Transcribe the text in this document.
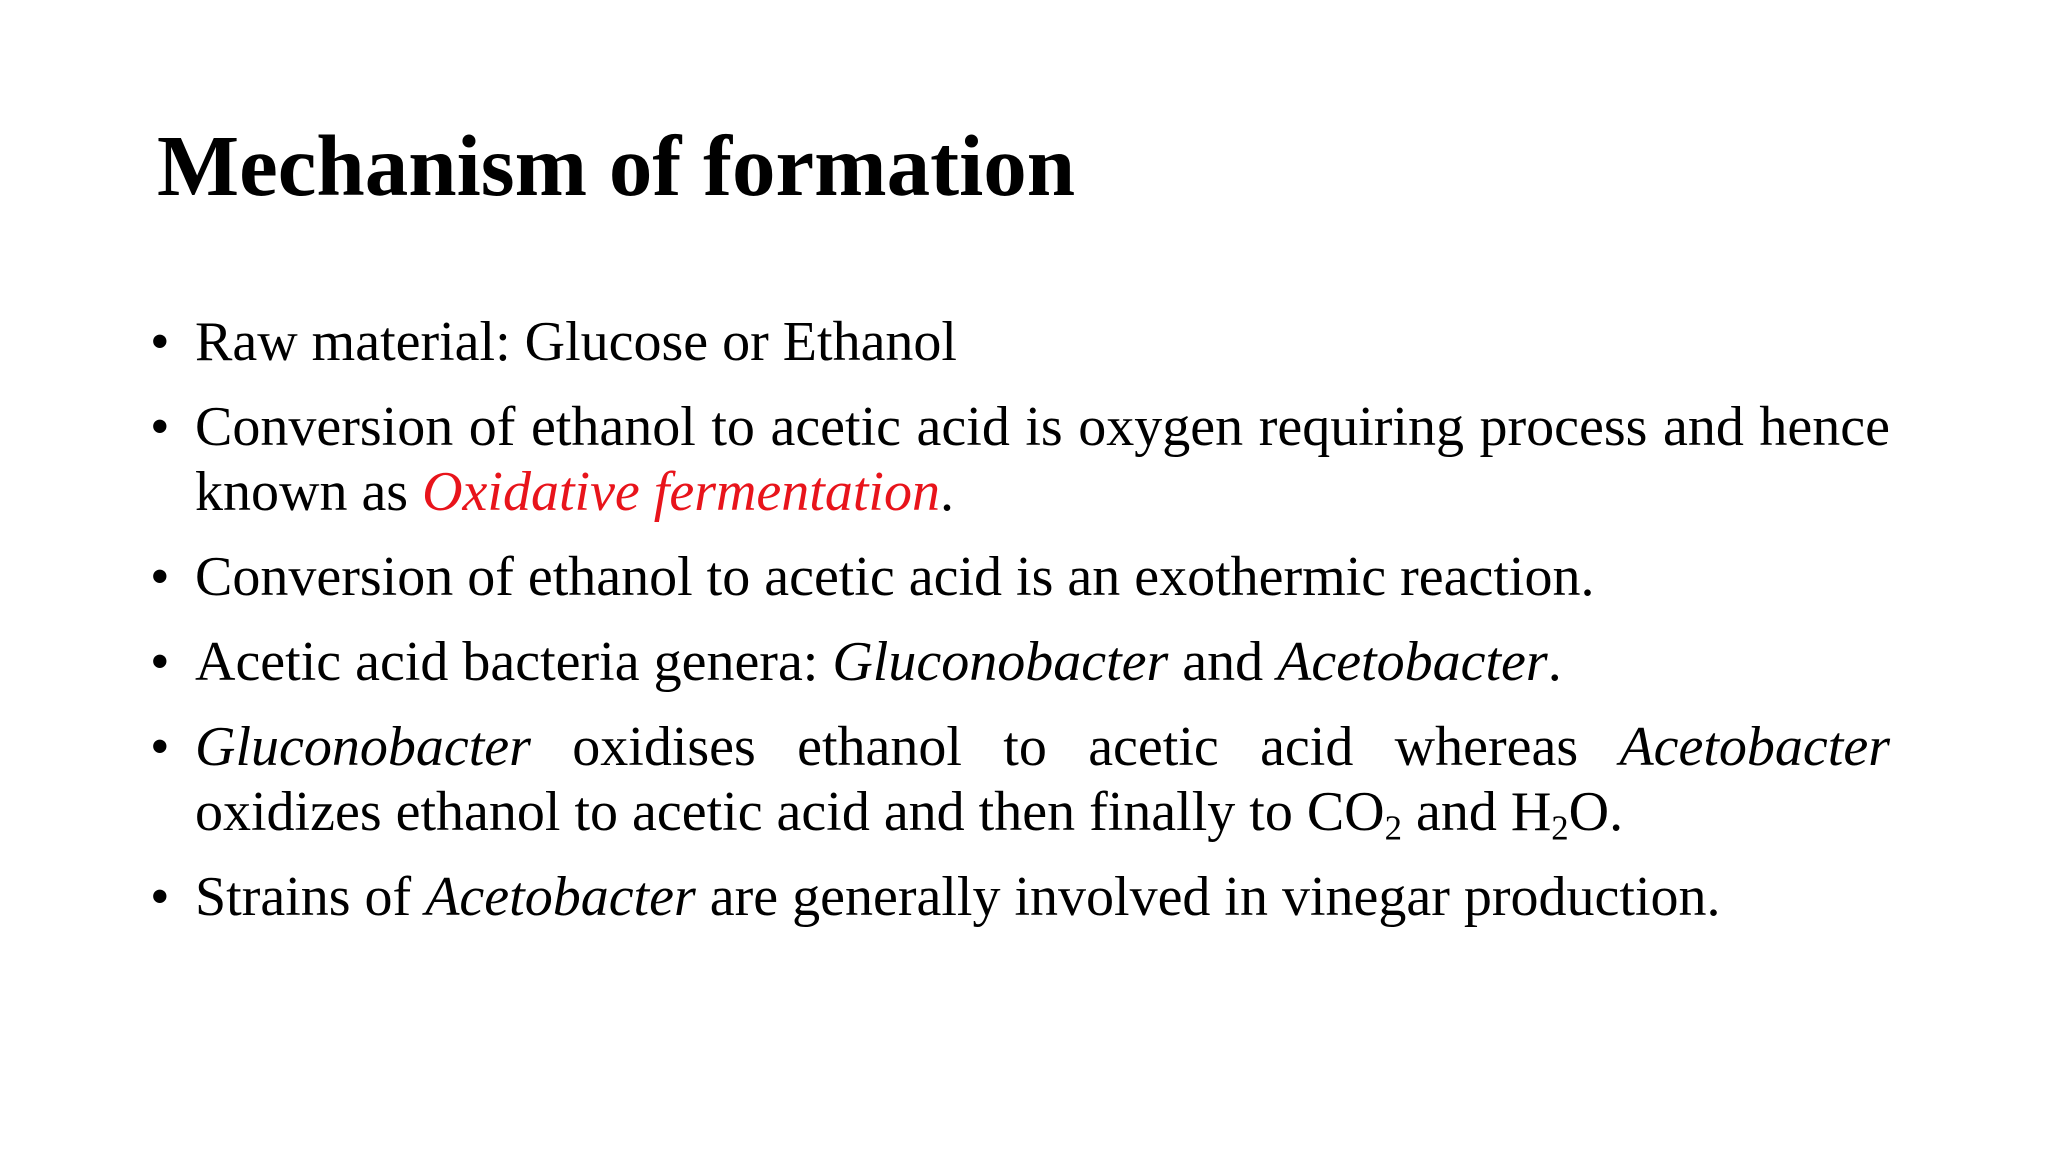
Mechanism of formation
• Raw material: Glucose or Ethanol
• Conversion of ethanol to acetic acid is oxygen requiring process and hence known as Oxidative fermentation.
• Conversion of ethanol to acetic acid is an exothermic reaction.
• Acetic acid bacteria genera: Gluconobacter and Acetobacter.
• Gluconobacter oxidises ethanol to acetic acid whereas Acetobacter oxidizes ethanol to acetic acid and then finally to $CO_2$ and $H_2O$.
• Strains of Acetobacter are generally involved in vinegar production.
